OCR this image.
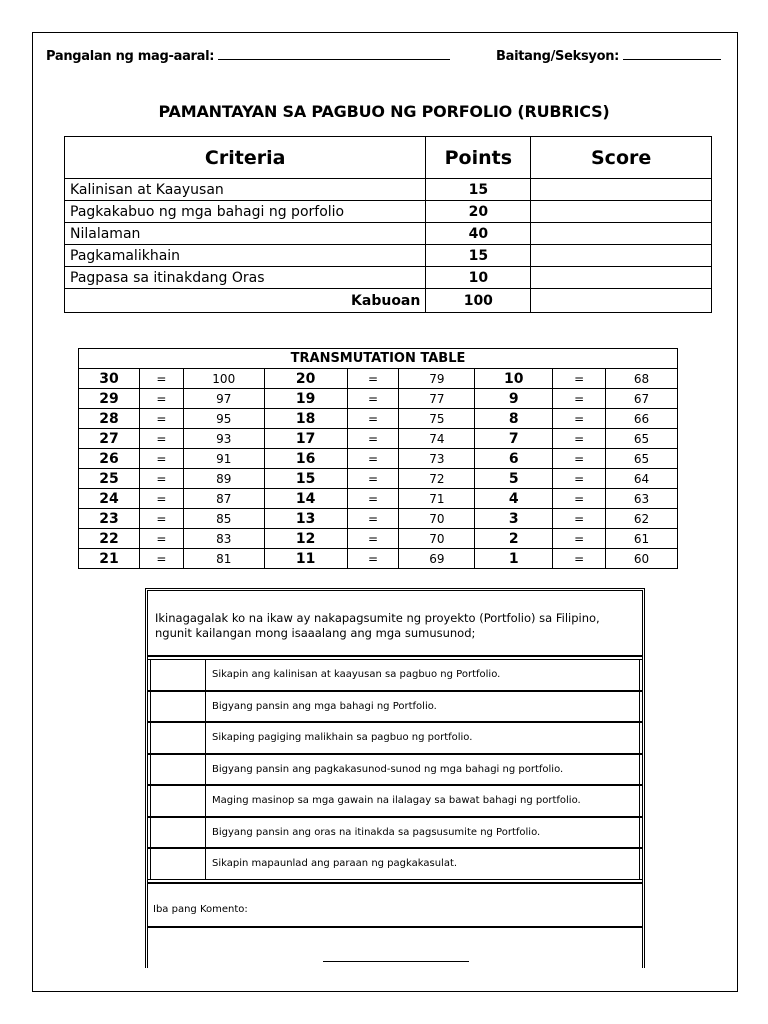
Pangalan ng mag-aaral:	Baitang/Seksyon:
PAMANTAYAN SA PAGBUO NG PORFOLIO (RUBRICS)
Criteria	Points	Score
Kalinisan at Kaayusan	15	
Pagkakabuo ng mga bahagi ng porfolio	20	
Nilalaman	40	
Pagkamalikhain	15	
Pagpasa sa itinakdang Oras	10	
Kabuoan	100	
TRANSMUTATION TABLE								
30	=	100	20	=	79	10	=	68
29	=	97	19	=	77	9	=	67
28	=	95	18	=	75	8	=	66
27	=	93	17	=	74	7	=	65
26	=	91	16	=	73	6	=	65
25	=	89	15	=	72	5	=	64
24	=	87	14	=	71	4	=	63
23	=	85	13	=	70	3	=	62
22	=	83	12	=	70	2	=	61
21	=	81	11	=	69	1	=	60
Ikinagagalak ko na ikaw ay nakapagsumite ng proyekto (Portfolio) sa Filipino, ngunit kailangan mong isaaalang ang mga sumusunod;
Sikapin ang kalinisan at kaayusan sa pagbuo ng Portfolio.
Bigyang pansin ang mga bahagi ng Portfolio.
Sikaping pagiging malikhain sa pagbuo ng portfolio.
Bigyang pansin ang pagkakasunod-sunod ng mga bahagi ng portfolio.
Maging masinop sa mga gawain na ilalagay sa bawat bahagi ng portfolio.
Bigyang pansin ang oras na itinakda sa pagsusumite ng Portfolio.
Sikapin mapaunlad ang paraan ng pagkakasulat.
Iba pang Komento:
